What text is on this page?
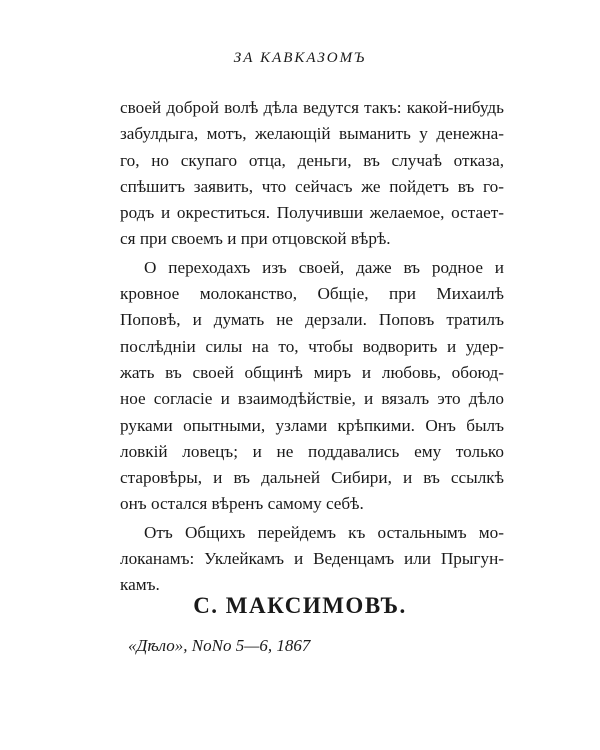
ЗА КАВКАЗОМЪ
своей доброй волѣ дѣла ведутся такъ: какой-нибудь
забулдыга, мотъ, желающій выманить у денежна-
го, но скупаго отца, деньги, въ случаѣ отказа,
спѣшитъ заявить, что сейчасъ же пойдетъ въ го-
родъ и окреститься. Получивши желаемое, остает-
ся при своемъ и при отцовской вѣрѣ.
О переходахъ изъ своей, даже въ родное и
кровное молоканство, Общіе, при Михаилѣ
Поповѣ, и думать не дерзали. Поповъ тратилъ
послѣдніи силы на то, чтобы водворить и удер-
жать въ своей общинѣ миръ и любовь, обоюд-
ное согласіе и взаимодѣйствіе, и вязалъ это дѣло
руками опытными, узлами крѣпкими. Онъ былъ
ловкій ловецъ; и не поддавались ему только
старовѣры, и въ дальней Сибири, и въ ссылкѣ
онъ остался вѣренъ самому себѣ.
Отъ Общихъ перейдемъ къ остальнымъ мо-
локанамъ: Уклейкамъ и Веденцамъ или Прыгун-
камъ.
С. МАКСИМОВЪ.
«Дѣло», NoNo 5—6, 1867
